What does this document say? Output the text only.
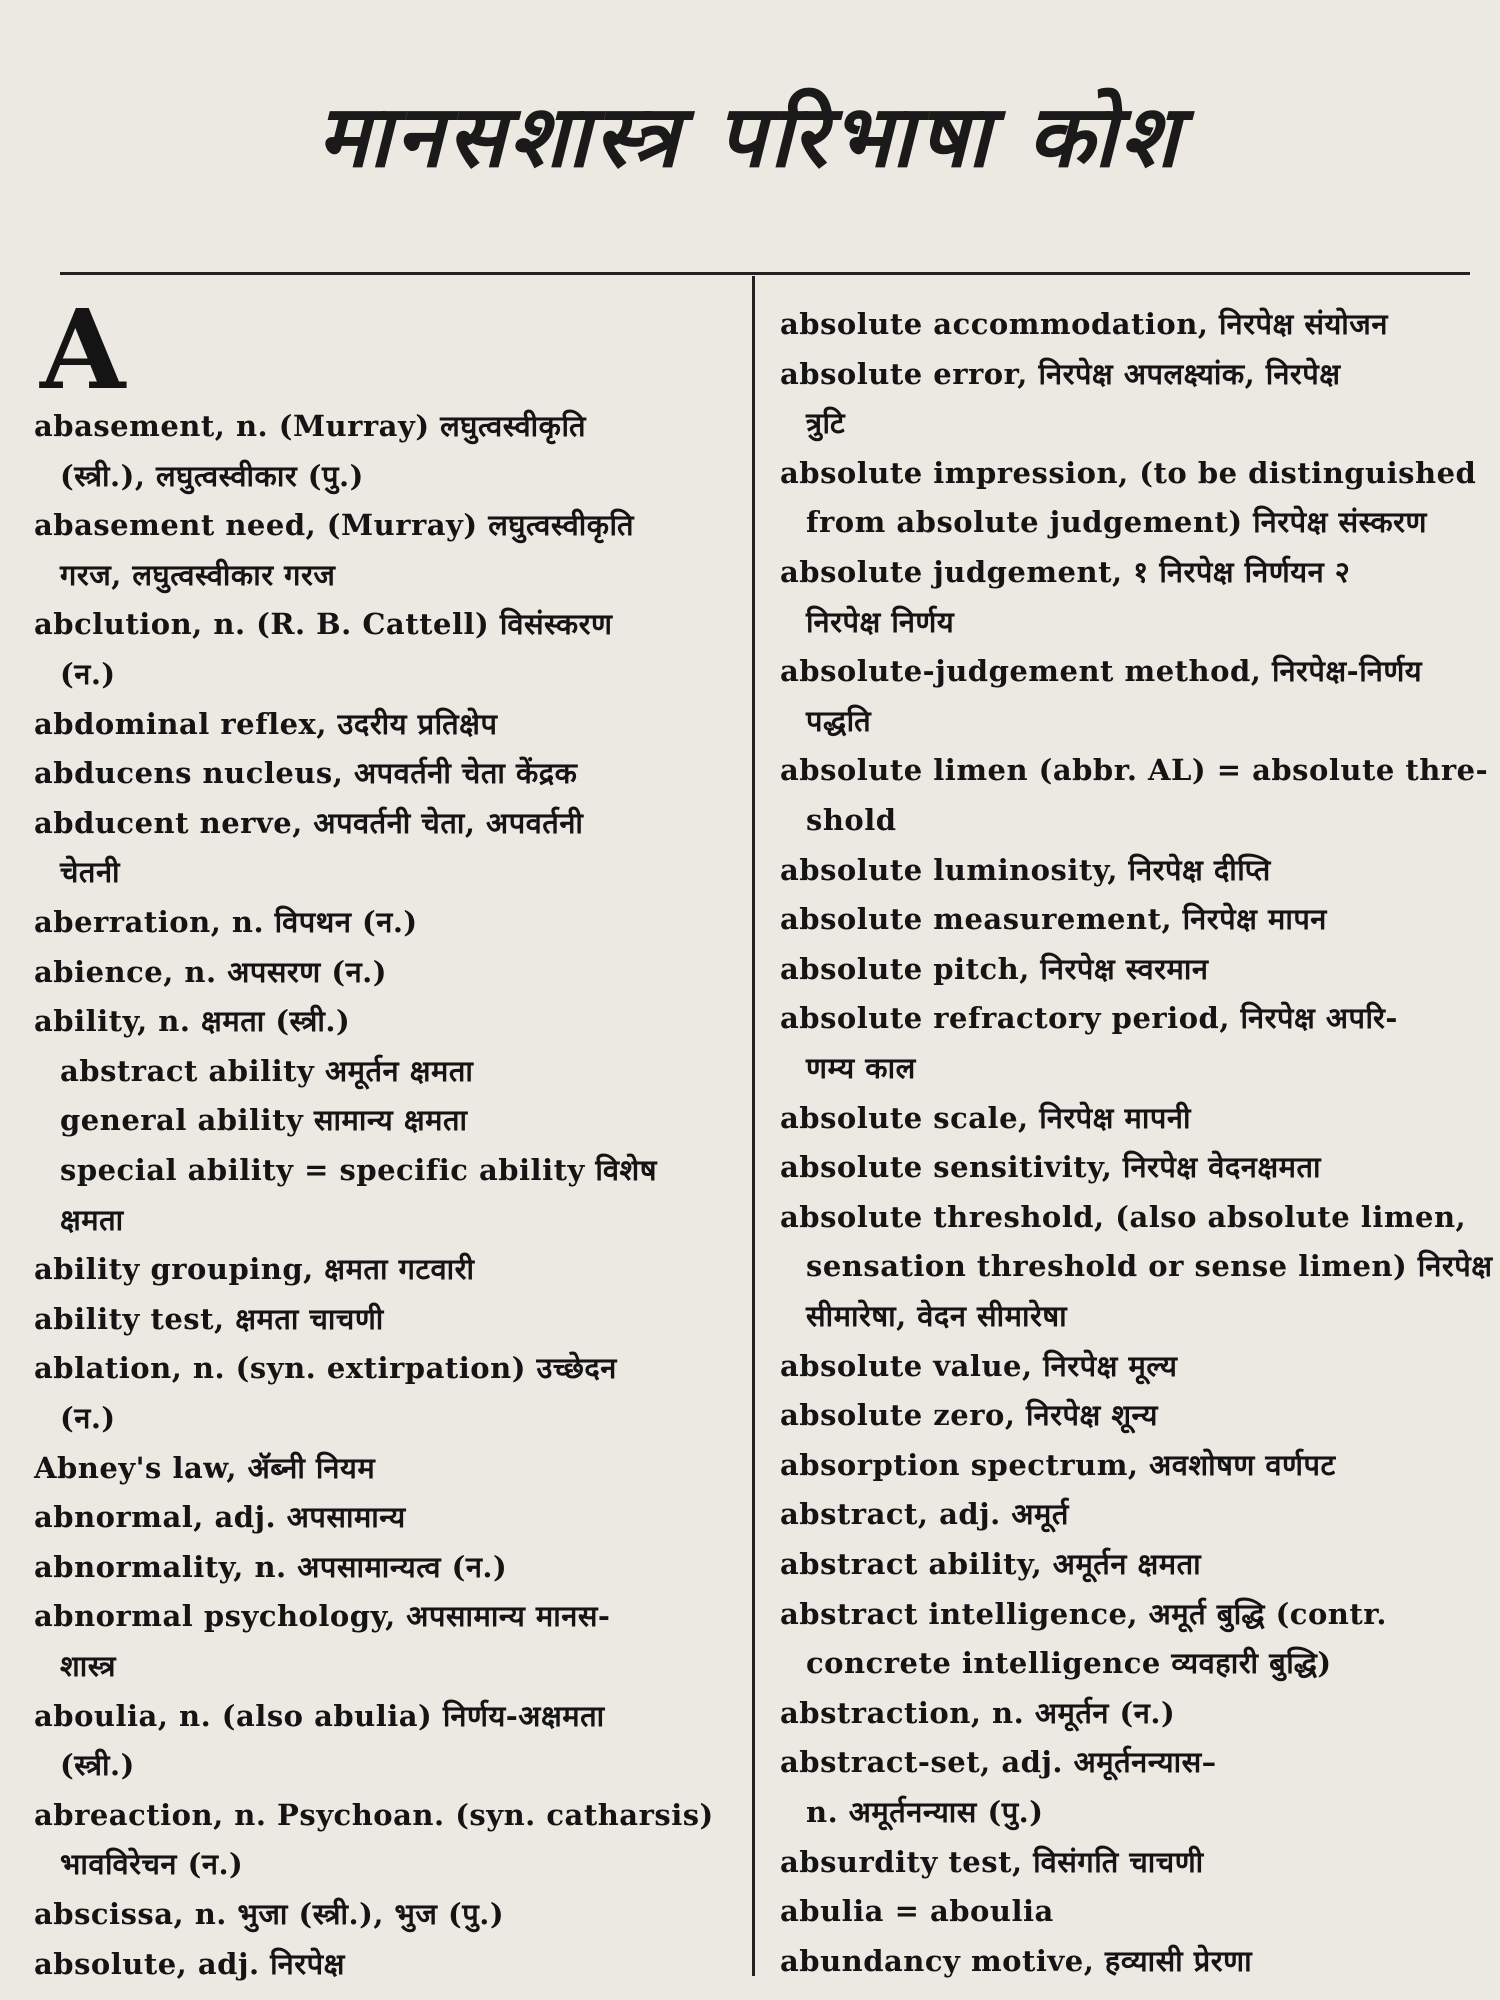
मानसशास्त्र परिभाषा कोश
A
abasement, n. (Murray) लघुत्वस्वीकृति
(स्त्री.), लघुत्वस्वीकार (पु.)
abasement need, (Murray) लघुत्वस्वीकृति
गरज, लघुत्वस्वीकार गरज
abclution, n. (R. B. Cattell) विसंस्करण
(न.)
abdominal reflex, उदरीय प्रतिक्षेप
abducens nucleus, अपवर्तनी चेता केंद्रक
abducent nerve, अपवर्तनी चेता, अपवर्तनी
चेतनी
aberration, n. विपथन (न.)
abience, n. अपसरण (न.)
ability, n. क्षमता (स्त्री.)
abstract ability अमूर्तन क्षमता
general ability सामान्य क्षमता
special ability = specific ability विशेष
क्षमता
ability grouping, क्षमता गटवारी
ability test, क्षमता चाचणी
ablation, n. (syn. extirpation) उच्छेदन
(न.)
Abney's law, ॲब्नी नियम
abnormal, adj. अपसामान्य
abnormality, n. अपसामान्यत्व (न.)
abnormal psychology, अपसामान्य मानस-
शास्त्र
aboulia, n. (also abulia) निर्णय-अक्षमता
(स्त्री.)
abreaction, n. Psychoan. (syn. catharsis)
भावविरेचन (न.)
abscissa, n. भुजा (स्त्री.), भुज (पु.)
absolute, adj. निरपेक्ष
absolute accommodation, निरपेक्ष संयोजन
absolute error, निरपेक्ष अपलक्ष्यांक, निरपेक्ष
त्रुटि
absolute impression, (to be distinguished
from absolute judgement) निरपेक्ष संस्करण
absolute judgement, १ निरपेक्ष निर्णयन २
निरपेक्ष निर्णय
absolute-judgement method, निरपेक्ष-निर्णय
पद्धति
absolute limen (abbr. AL) = absolute thre-
shold
absolute luminosity, निरपेक्ष दीप्ति
absolute measurement, निरपेक्ष मापन
absolute pitch, निरपेक्ष स्वरमान
absolute refractory period, निरपेक्ष अपरि-
णम्य काल
absolute scale, निरपेक्ष मापनी
absolute sensitivity, निरपेक्ष वेदनक्षमता
absolute threshold, (also absolute limen,
sensation threshold or sense limen) निरपेक्ष
सीमारेषा, वेदन सीमारेषा
absolute value, निरपेक्ष मूल्य
absolute zero, निरपेक्ष शून्य
absorption spectrum, अवशोषण वर्णपट
abstract, adj. अमूर्त
abstract ability, अमूर्तन क्षमता
abstract intelligence, अमूर्त बुद्धि (contr.
concrete intelligence व्यवहारी बुद्धि)
abstraction, n. अमूर्तन (न.)
abstract-set, adj. अमूर्तनन्यास–
n. अमूर्तनन्यास (पु.)
absurdity test, विसंगति चाचणी
abulia = aboulia
abundancy motive, हव्यासी प्रेरणा
